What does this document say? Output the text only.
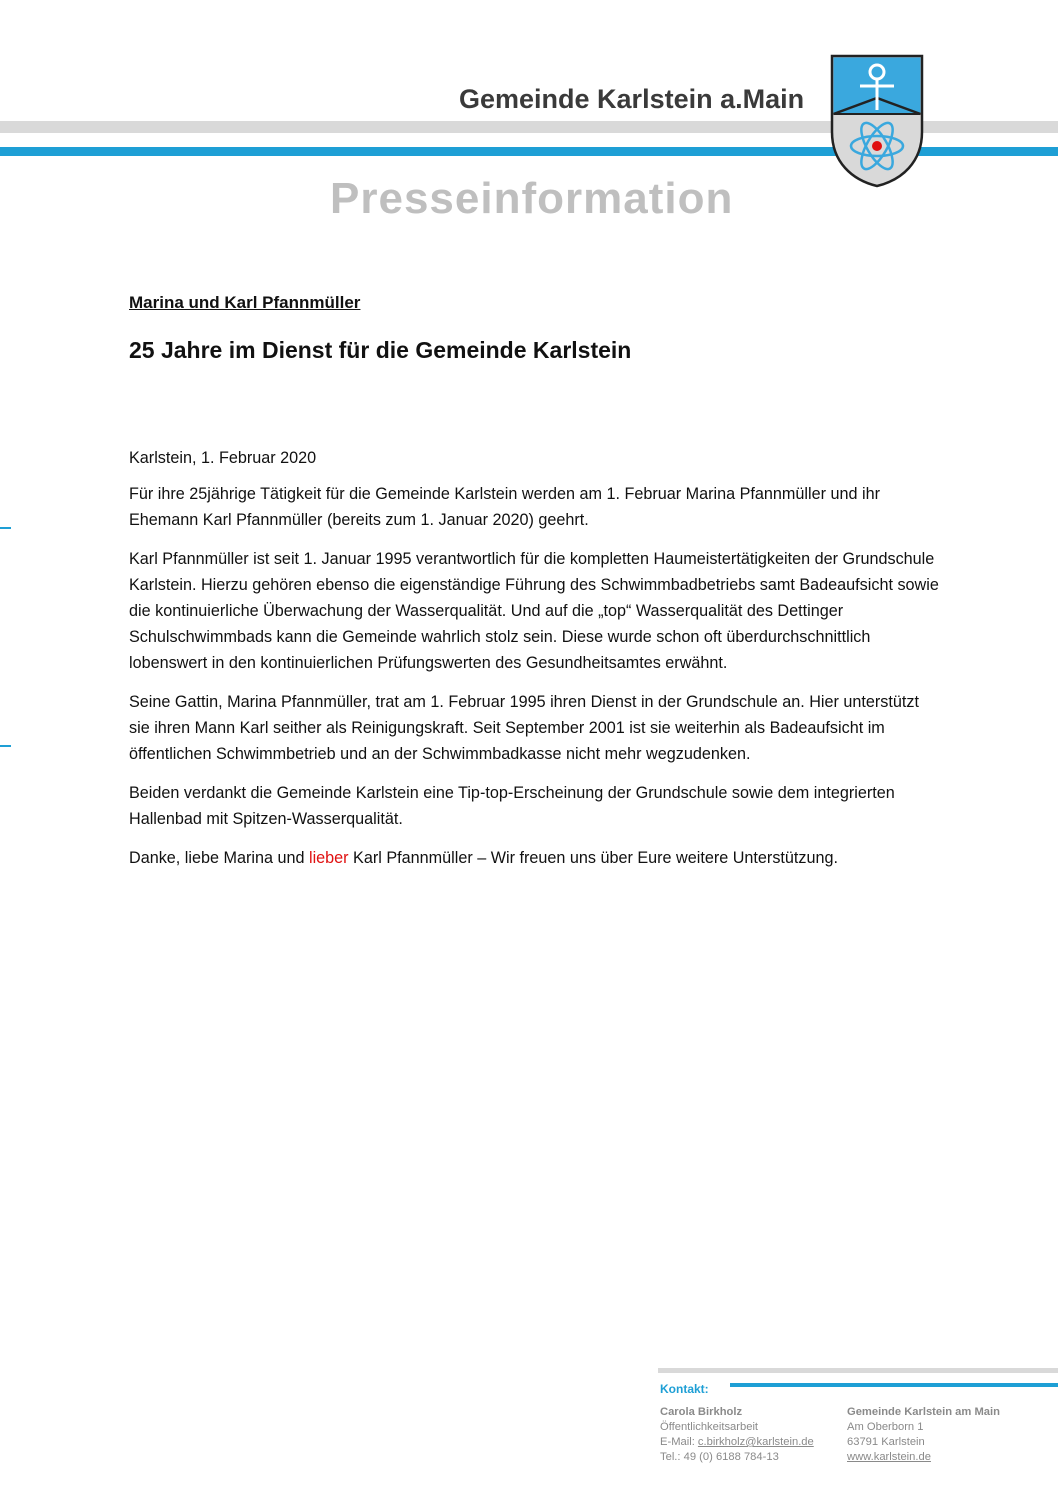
Gemeinde Karlstein a.Main
Presseinformation
Marina und Karl Pfannmüller
25 Jahre im Dienst für die Gemeinde Karlstein

Karlstein, 1. Februar 2020

Für ihre 25jährige Tätigkeit für die Gemeinde Karlstein werden am 1. Februar Marina Pfannmüller und ihr Ehemann Karl Pfannmüller (bereits zum 1. Januar 2020) geehrt.

Karl Pfannmüller ist seit 1. Januar 1995 verantwortlich für die kompletten Haumeistertätigkeiten der Grundschule Karlstein. Hierzu gehören ebenso die eigenständige Führung des Schwimmbadbetriebs samt Badeaufsicht sowie die kontinuierliche Überwachung der Wasserqualität. Und auf die „top“ Wasserqualität des Dettinger Schulschwimmbads kann die Gemeinde wahrlich stolz sein. Diese wurde schon oft überdurchschnittlich lobenswert in den kontinuierlichen Prüfungswerten des Gesundheitsamtes erwähnt.

Seine Gattin, Marina Pfannmüller, trat am 1. Februar 1995 ihren Dienst in der Grundschule an. Hier unterstützt sie ihren Mann Karl seither als Reinigungskraft. Seit September 2001 ist sie weiterhin als Badeaufsicht im öffentlichen Schwimmbetrieb und an der Schwimmbadkasse nicht mehr wegzudenken.

Beiden verdankt die Gemeinde Karlstein eine Tip-top-Erscheinung der Grundschule sowie dem integrierten Hallenbad mit Spitzen-Wasserqualität.

Danke, liebe Marina und lieber Karl Pfannmüller – Wir freuen uns über Eure weitere Unterstützung.

Kontakt:
Carola Birkholz
Öffentlichkeitsarbeit
E-Mail: c.birkholz@karlstein.de
Tel.: 49 (0) 6188 784-13
Gemeinde Karlstein am Main
Am Oberborn 1
63791 Karlstein
www.karlstein.de
